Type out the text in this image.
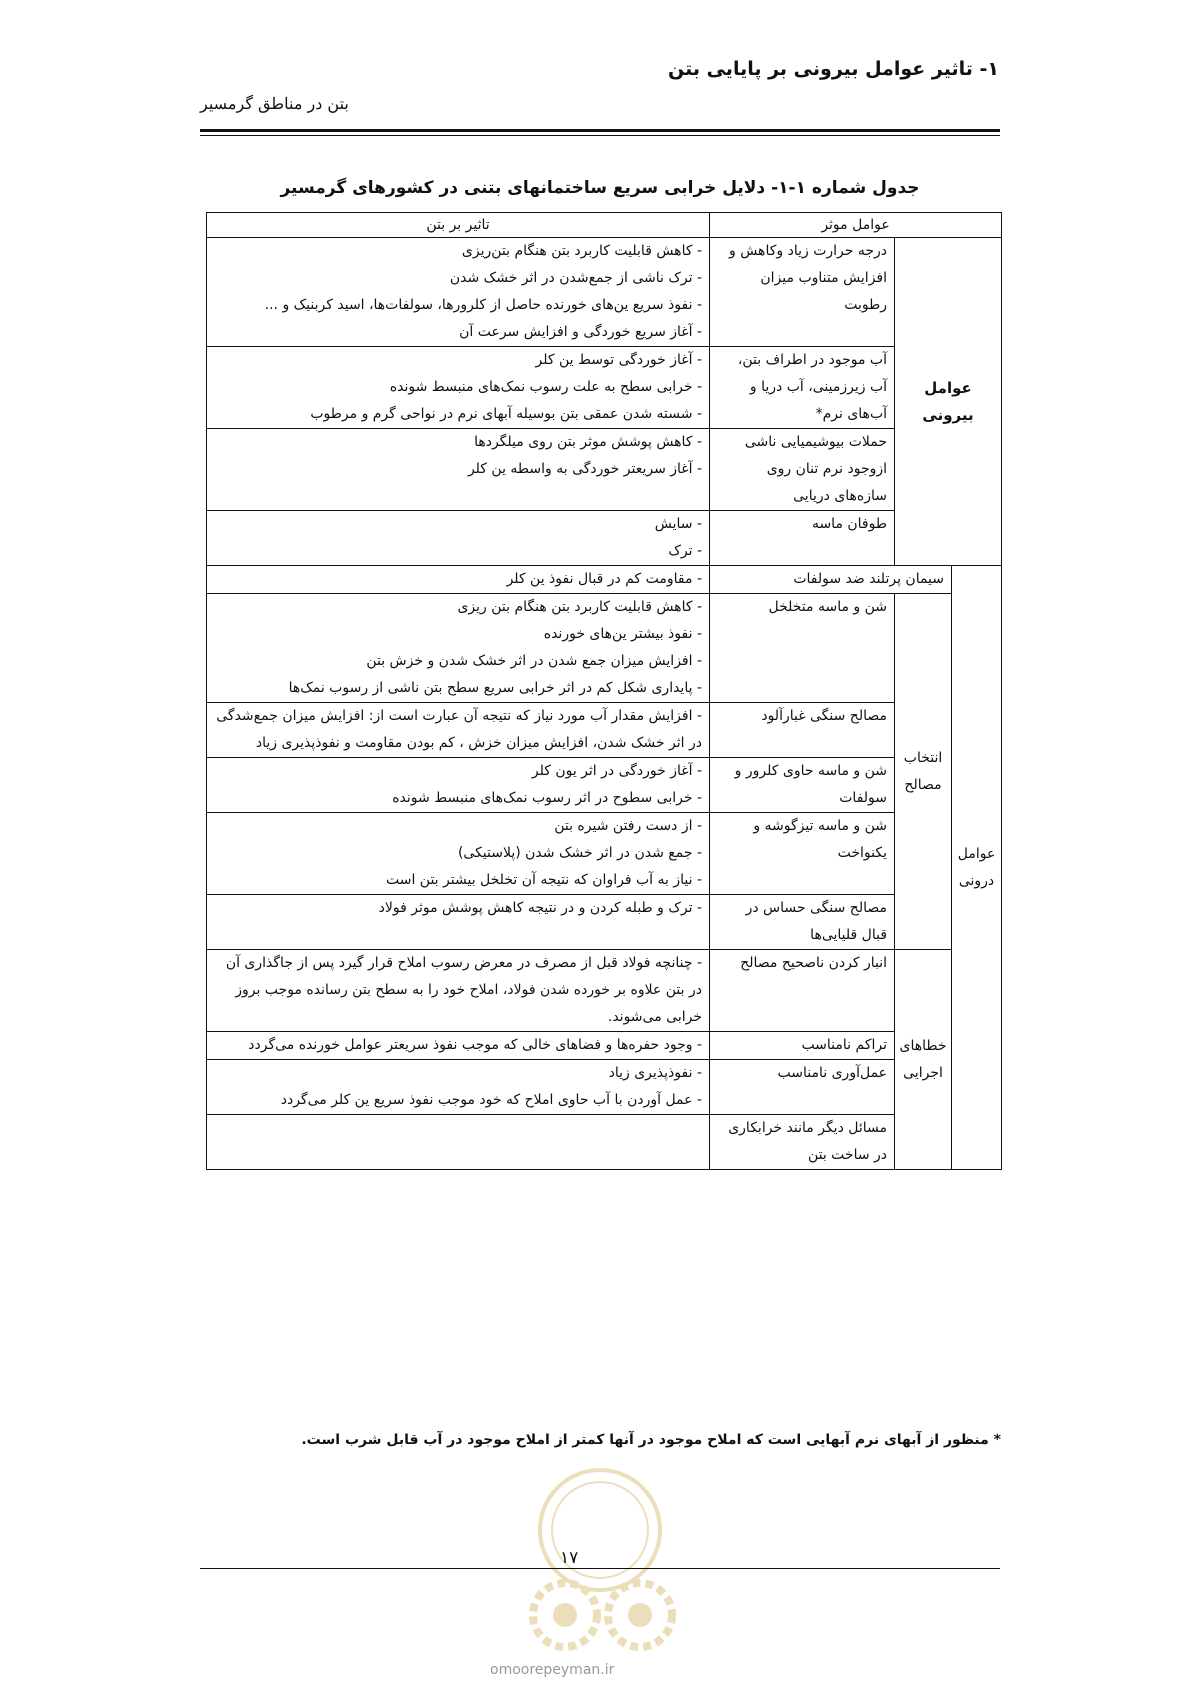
۱- تاثیر عوامل بیرونی بر پایایی بتن

بتن در مناطق گرمسیر

جدول شماره ۱-۱- دلایل خرابی سریع ساختمانهای بتنی در کشورهای گرمسیر

عوامل موثر			تاثیر بر بتن
عوامل بیرونی		درجه حرارت زیاد وکاهش و افزایش متناوب میزان رطوبت	- کاهش قابلیت کاربرد بتن هنگام بتن‌ریزی
- ترک ناشی از جمع‌شدن در اثر خشک شدن
- نفوذ سریع ین‌های خورنده حاصل از کلرورها، سولفات‌ها، اسید کربنیک و ...
- آغاز سریع خوردگی و افزایش سرعت آن

		آب موجود در اطراف بتن، آب زیرزمینی، آب دریا و آب‌های نرم*	- آغاز خوردگی توسط ین کلر
- خرابی سطح به علت رسوب نمک‌های منبسط شونده
- شسته شدن عمقی بتن بوسیله آبهای نرم در نواحی گرم و مرطوب

		حملات بیوشیمیایی ناشی ازوجود نرم تنان روی سازه‌های دریایی	- کاهش پوشش موثر بتن روی میلگردها
- آغاز سریعتر خوردگی به واسطه ین کلر

		طوفان ماسه	- سایش
- ترک

عوامل درونی	سیمان پرتلند ضد سولفات		- مقاومت کم در قبال نفوذ ین کلر

	انتخاب مصالح	شن و ماسه متخلخل	- کاهش قابلیت کاربرد بتن هنگام بتن ریزی
- نفوذ بیشتر ین‌های خورنده
- افزایش میزان جمع شدن در اثر خشک شدن و خزش بتن
- پایداری شکل کم در اثر خرابی سریع سطح بتن ناشی از رسوب نمک‌ها

		مصالح سنگی غبارآلود	- افزایش مقدار آب مورد نیاز که نتیجه آن عبارت است از: افزایش میزان جمع‌شدگی در اثر خشک شدن، افزایش میزان خزش ، کم بودن مقاومت و نفوذپذیری زیاد

		شن و ماسه حاوی کلرور و سولفات	- آغاز خوردگی در اثر یون کلر
- خرابی سطوح در اثر رسوب نمک‌های منبسط شونده

		شن و ماسه تیزگوشه و یکنواخت	- از دست رفتن شیره بتن
- جمع شدن در اثر خشک شدن (پلاستیکی)
- نیاز به آب فراوان که نتیجه آن تخلخل بیشتر بتن است

		مصالح سنگی حساس در قبال قلیایی‌ها	- ترک و طبله کردن و در نتیجه کاهش پوشش موثر فولاد

	خطاهای اجرایی	انبار کردن ناصحیح مصالح	- چنانچه فولاد قبل از مصرف در معرض رسوب املاح قرار گیرد پس از جاگذاری آن در بتن علاوه بر خورده شدن فولاد، املاح خود را به سطح بتن رسانده موجب بروز خرابی می‌شوند.

		تراکم نامناسب	- وجود حفره‌ها و فضاهای خالی که موجب نفوذ سریعتر عوامل خورنده می‌گردد

		عمل‌آوری نامناسب	- نفوذپذیری زیاد
- عمل آوردن با آب حاوی املاح که خود موجب نفوذ سریع ین کلر می‌گردد

		مسائل دیگر مانند خرابکاری در ساخت بتن	

* منظور از آبهای نرم آبهایی است که املاح موجود در آنها کمتر از املاح موجود در آب قابل شرب است.

۱۷

omoorepeyman.ir
